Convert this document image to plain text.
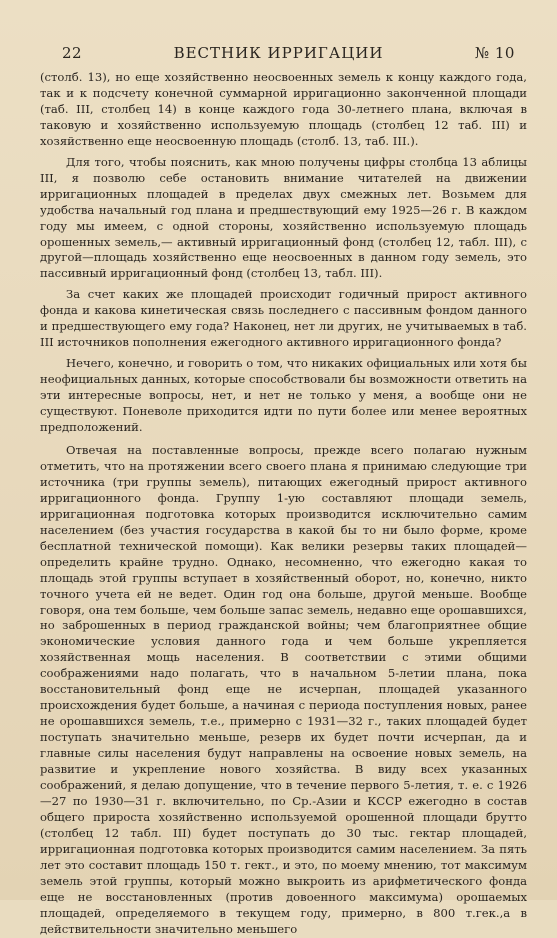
22	ВЕСТНИК ИРРИГАЦИИ	№ 10

(столб. 13), но еще хозяйственно неосвоенных земель к концу каждого года, так и к подсчету конечной суммарной ирригационно законченной площади (таб. III, столбец 14) в конце каждого года 30-летнего плана, включая в таковую и хозяйственно используемую площадь (столбец 12 таб. III) и хозяйственно еще неосвоенную площадь (столб. 13, таб. III.).

Для того, чтобы пояснить, как мною получены цифры столбца 13 аблицы III, я позволю себе остановить внимание читателей на движении ирригационных площадей в пределах двух смежных лет. Возьмем для удобства начальный год плана и предшествующий ему 1925—26 г. В каждом году мы имеем, с одной стороны, хозяйственно используемую площадь орошенных земель,— активный ирригационный фонд (столбец 12, табл. III), с другой—площадь хозяйственно еще неосвоенных в данном году земель, это пассивный ирригационный фонд (столбец 13, табл. III).

За счет каких же площадей происходит годичный прирост активного фонда и какова кинетическая связь последнего с пассивным фондом данного и предшествующего ему года? Наконец, нет ли других, не учитываемых в таб. III источников пополнения ежегодного активного ирригационного фонда?

Нечего, конечно, и говорить о том, что никаких официальных или хотя бы неофициальных данных, которые способствовали бы возможности ответить на эти интересные вопросы, нет, и нет не только у меня, а вообще они не существуют. Поневоле приходится идти по пути более или менее вероятных предположений.

Отвечая на поставленные вопросы, прежде всего полагаю нужным отметить, что на протяжении всего своего плана я принимаю следующие три источника (три группы земель), питающих ежегодный прирост активного ирригационного фонда. Группу 1-ую составляют площади земель, ирригационная подготовка которых производится исключительно самим населением (без участия государства в какой бы то ни было форме, кроме бесплатной технической помощи). Как велики резервы таких площадей—определить крайне трудно. Однако, несомненно, что ежегодно какая то площадь этой группы вступает в хозяйственный оборот, но, конечно, никто точного учета ей не ведет. Один год она больше, другой меньше. Вообще говоря, она тем больше, чем больше запас земель, недавно еще орошавшихся, но заброшенных в период гражданской войны; чем благоприятнее общие экономические условия данного года и чем больше укрепляется хозяйственная мощь населения. В соответствии с этими общими соображениями надо полагать, что в начальном 5-летии плана, пока восстановительный фонд еще не исчерпан, площадей указанного происхождения будет больше, а начиная с периода поступления новых, ранее не орошавшихся земель, т.е., примерно с 1931—32 г., таких площадей будет поступать значительно меньше, резерв их будет почти исчерпан, да и главные силы населения будут направлены на освоение новых земель, на развитие и укрепление нового хозяйства. В виду всех указанных соображений, я делаю допущение, что в течение первого 5-летия, т. е. с 1926—27 по 1930—31 г. включительно, по Ср.-Азии и КССР ежегодно в состав общего прироста хозяйственно используемой орошенной площади брутто (столбец 12 табл. III) будет поступать до 30 тыс. гектар площадей, ирригационная подготовка которых производится самим населением. За пять лет это составит площадь 150 т. гект., и это, по моему мнению, тот максимум земель этой группы, который можно выкроить из арифметического фонда еще не восстановленных (против довоенного максимума) орошаемых площадей, определяемого в текущем году, примерно, в 800 т.гек.,а в действительности значительно меньшего
